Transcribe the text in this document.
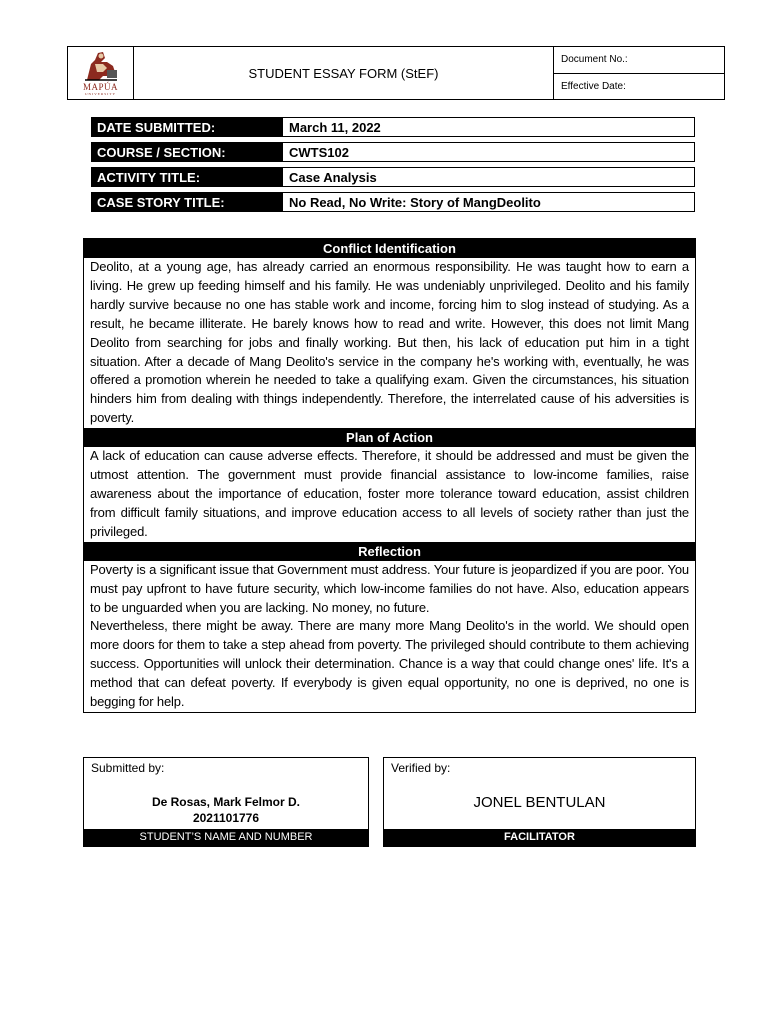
MAPÚA
UNIVERSITY
STUDENT ESSAY FORM (StEF)
Document No.:
Effective Date:
DATE SUBMITTED:	March 11, 2022
COURSE / SECTION:	CWTS102
ACTIVITY TITLE:	Case Analysis
CASE STORY TITLE:	No Read, No Write: Story of MangDeolito
Conflict Identification

Deolito, at a young age, has already carried an enormous responsibility. He was taught how to earn a living. He grew up feeding himself and his family. He was undeniably unprivileged. Deolito and his family hardly survive because no one has stable work and income, forcing him to slog instead of studying. As a result, he became illiterate. He barely knows how to read and write. However, this does not limit Mang Deolito from searching for jobs and finally working. But then, his lack of education put him in a tight situation. After a decade of Mang Deolito's service in the company he's working with, eventually, he was offered a promotion wherein he needed to take a qualifying exam. Given the circumstances, his situation hinders him from dealing with things independently. Therefore, the interrelated cause of his adversities is poverty.

Plan of Action

A lack of education can cause adverse effects. Therefore, it should be addressed and must be given the utmost attention. The government must provide financial assistance to low-income families, raise awareness about the importance of education, foster more tolerance toward education, assist children from difficult family situations, and improve education access to all levels of society rather than just the privileged.

Reflection

Poverty is a significant issue that Government must address. Your future is jeopardized if you are poor. You must pay upfront to have future security, which low-income families do not have. Also, education appears to be unguarded when you are lacking. No money, no future.

Nevertheless, there might be away. There are many more Mang Deolito's in the world. We should open more doors for them to take a step ahead from poverty. The privileged should contribute to them achieving success. Opportunities will unlock their determination. Chance is a way that could change ones' life. It's a method that can defeat poverty. If everybody is given equal opportunity, no one is deprived, no one is begging for help.

Submitted by:
De Rosas, Mark Felmor D.
2021101776
STUDENT’S NAME AND NUMBER
Verified by:
JONEL BENTULAN
FACILITATOR
